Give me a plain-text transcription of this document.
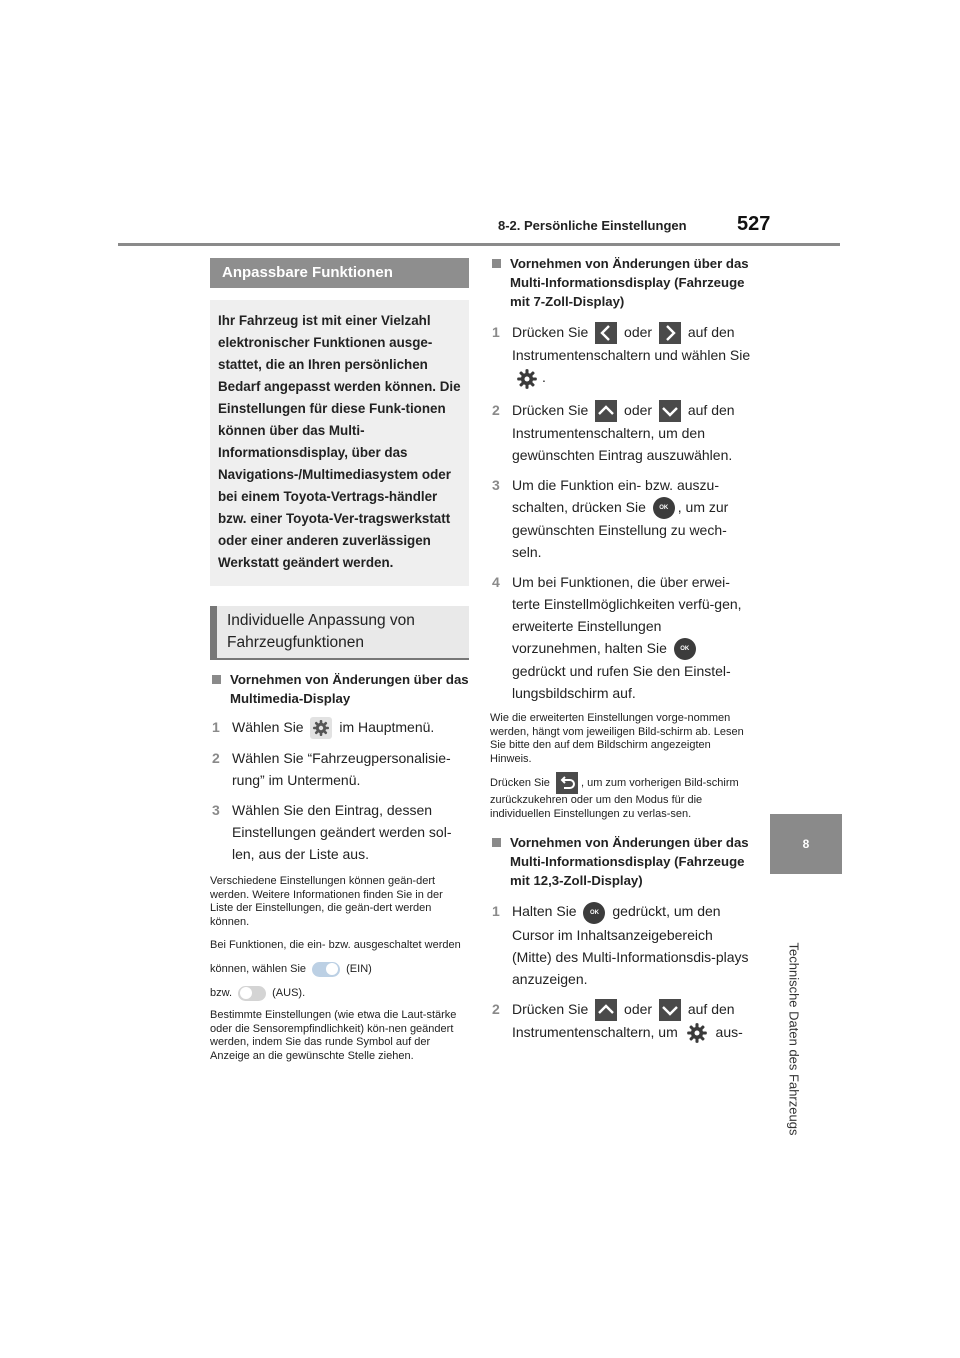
8-2. Persönliche Einstellungen	527
8
Technische Daten des Fahrzeugs
Anpassbare Funktionen
Ihr Fahrzeug ist mit einer Vielzahl elektronischer Funktionen ausge-stattet, die an Ihren persönlichen Bedarf angepasst werden können. Die Einstellungen für diese Funk-tionen können über das Multi-Informationsdisplay, über das Navigations-/Multimediasystem oder bei einem Toyota-Vertrags-händler bzw. einer Toyota-Ver-tragswerkstatt oder einer anderen zuverlässigen Werkstatt geändert werden.
Individuelle Anpassung von Fahrzeugfunktionen
Vornehmen von Änderungen über das Multimedia-Display
1 Wählen Sie	im Hauptmenü.
2 Wählen Sie “Fahrzeugpersonalisie-rung” im Untermenü.
3 Wählen Sie den Eintrag, dessen Einstellungen geändert werden sol-len, aus der Liste aus.
Verschiedene Einstellungen können geän-dert werden. Weitere Informationen finden Sie in der Liste der Einstellungen, die geän-dert werden können.
Bei Funktionen, die ein- bzw. ausgeschaltet werden können, wählen Sie	(EIN)
bzw.	(AUS).
Bestimmte Einstellungen (wie etwa die Laut-stärke oder die Sensorempfindlichkeit) kön-nen geändert werden, indem Sie das runde Symbol auf der Anzeige an die gewünschte Stelle ziehen.
Vornehmen von Änderungen über das Multi-Informationsdisplay (Fahrzeuge mit 7-Zoll-Display)
1 Drücken Sie	oder	auf den Instrumentenschaltern und wählen Sie
.
2 Drücken Sie	oder	auf den Instrumentenschaltern, um den gewünschten Eintrag auszuwählen.
3 Um die Funktion ein- bzw. auszu-schalten, drücken Sie OK , um zur gewünschten Einstellung zu wech-seln.
4 Um bei Funktionen, die über erwei-terte Einstellmöglichkeiten verfü-gen, erweiterte Einstellungen vorzunehmen, halten Sie OK gedrückt und rufen Sie den Einstel-lungsbildschirm auf.
Wie die erweiterten Einstellungen vorge-nommen werden, hängt vom jeweiligen Bild-schirm ab. Lesen Sie bitte den auf dem Bildschirm angezeigten Hinweis.
Drücken Sie	, um zum vorherigen Bild-schirm zurückzukehren oder um den Modus für die individuellen Einstellungen zu verlas-sen.
Vornehmen von Änderungen über das Multi-Informationsdisplay (Fahrzeuge mit 12,3-Zoll-Display)
1 Halten Sie OK gedrückt, um den Cursor im Inhaltsanzeigebereich (Mitte) des Multi-Informationsdis-plays anzuzeigen.
2 Drücken Sie	oder	auf den Instrumentenschaltern, um	aus-
